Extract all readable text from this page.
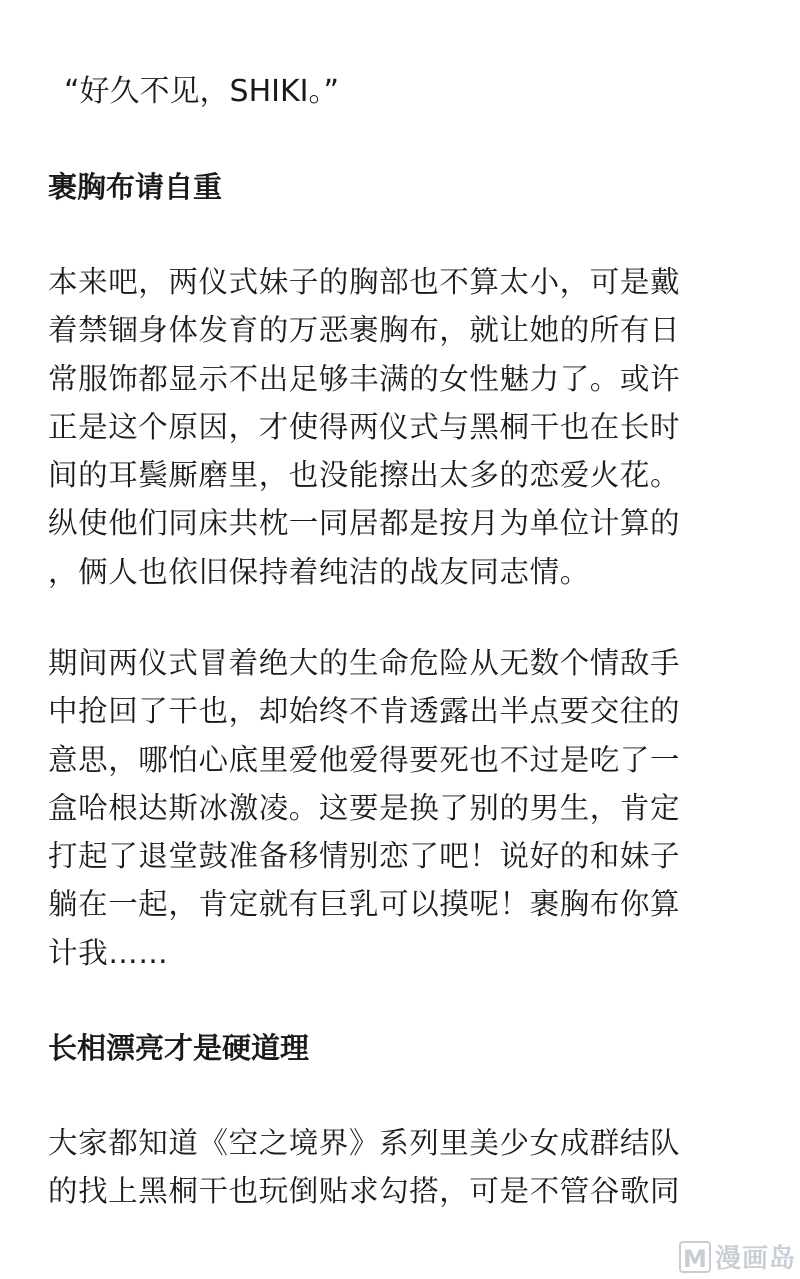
“好久不见，SHIKI。”
裹胸布请自重
本来吧，两仪式妹子的胸部也不算太小，可是戴
着禁锢身体发育的万恶裹胸布，就让她的所有日
常服饰都显示不出足够丰满的女性魅力了。或许
正是这个原因，才使得两仪式与黑桐干也在长时
间的耳鬓厮磨里，也没能擦出太多的恋爱火花。
纵使他们同床共枕一同居都是按月为单位计算的
，俩人也依旧保持着纯洁的战友同志情。
期间两仪式冒着绝大的生命危险从无数个情敌手
中抢回了干也，却始终不肯透露出半点要交往的
意思，哪怕心底里爱他爱得要死也不过是吃了一
盒哈根达斯冰激凌。这要是换了别的男生，肯定
打起了退堂鼓准备移情别恋了吧！说好的和妹子
躺在一起，肯定就有巨乳可以摸呢！裹胸布你算
计我……
长相漂亮才是硬道理
大家都知道《空之境界》系列里美少女成群结队
的找上黑桐干也玩倒贴求勾搭，可是不管谷歌同
M 漫画岛
